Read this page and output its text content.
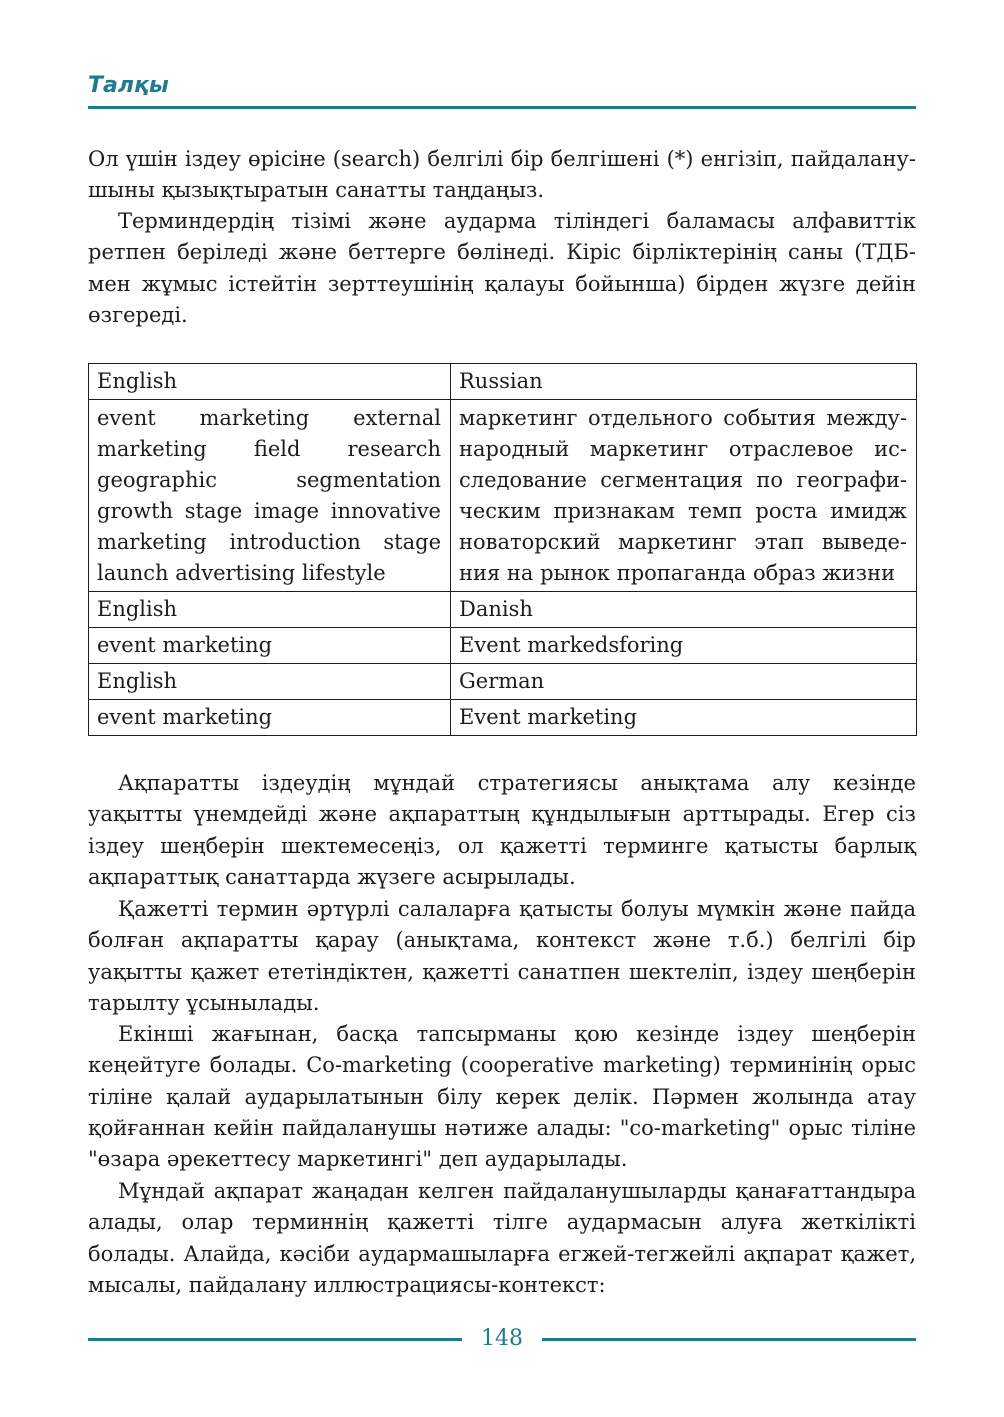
Талқы

Ол үшін іздеу өрісіне (search) белгілі бір белгішені (*) енгізіп, пайдаланушыны қызықтыратын санатты таңдаңыз.

Терминдердің тізімі және аударма тіліндегі баламасы алфавиттік ретпен беріледі және беттерге бөлінеді. Кіріс бірліктерінің саны (ТДБ-мен жұмыс істейтін зерттеушінің қалауы бойынша) бірден жүзге дейін өзгереді.

English	Russian
event marketing external marketing field research geographic segmentation growth stage image innovative marketing introduction stage launch advertising lifestyle	маркетинг отдельного события международный маркетинг отраслевое исследование сегментация по географическим признакам темп роста имидж новаторский маркетинг этап выведения на рынок пропаганда образ жизни
English	Danish
event marketing	Event markedsforing
English	German
event marketing	Event marketing

Ақпаратты іздеудің мұндай стратегиясы анықтама алу кезінде уақытты үнемдейді және ақпараттың құндылығын арттырады. Егер сіз іздеу шеңберін шектемесеңіз, ол қажетті терминге қатысты барлық ақпараттық санаттарда жүзеге асырылады.

Қажетті термин әртүрлі салаларға қатысты болуы мүмкін және пайда болған ақпаратты қарау (анықтама, контекст және т.б.) белгілі бір уақытты қажет ететіндіктен, қажетті санатпен шектеліп, іздеу шеңберін тарылту ұсынылады.

Екінші жағынан, басқа тапсырманы қою кезінде іздеу шеңберін кеңейтуге болады. Co-marketing (cooperative marketing) терминінің орыс тіліне қалай аударылатынын білу керек делік. Пәрмен жолында атау қойғаннан кейін пайдаланушы нәтиже алады: "co-marketing" орыс тіліне "өзара әрекеттесу маркетингі" деп аударылады.

Мұндай ақпарат жаңадан келген пайдаланушыларды қанағаттандыра алады, олар терминнің қажетті тілге аудармасын алуға жеткілікті болады. Алайда, кәсіби аудармашыларға егжей-тегжейлі ақпарат қажет, мысалы, пайдалану иллюстрациясы-контекст:

148
